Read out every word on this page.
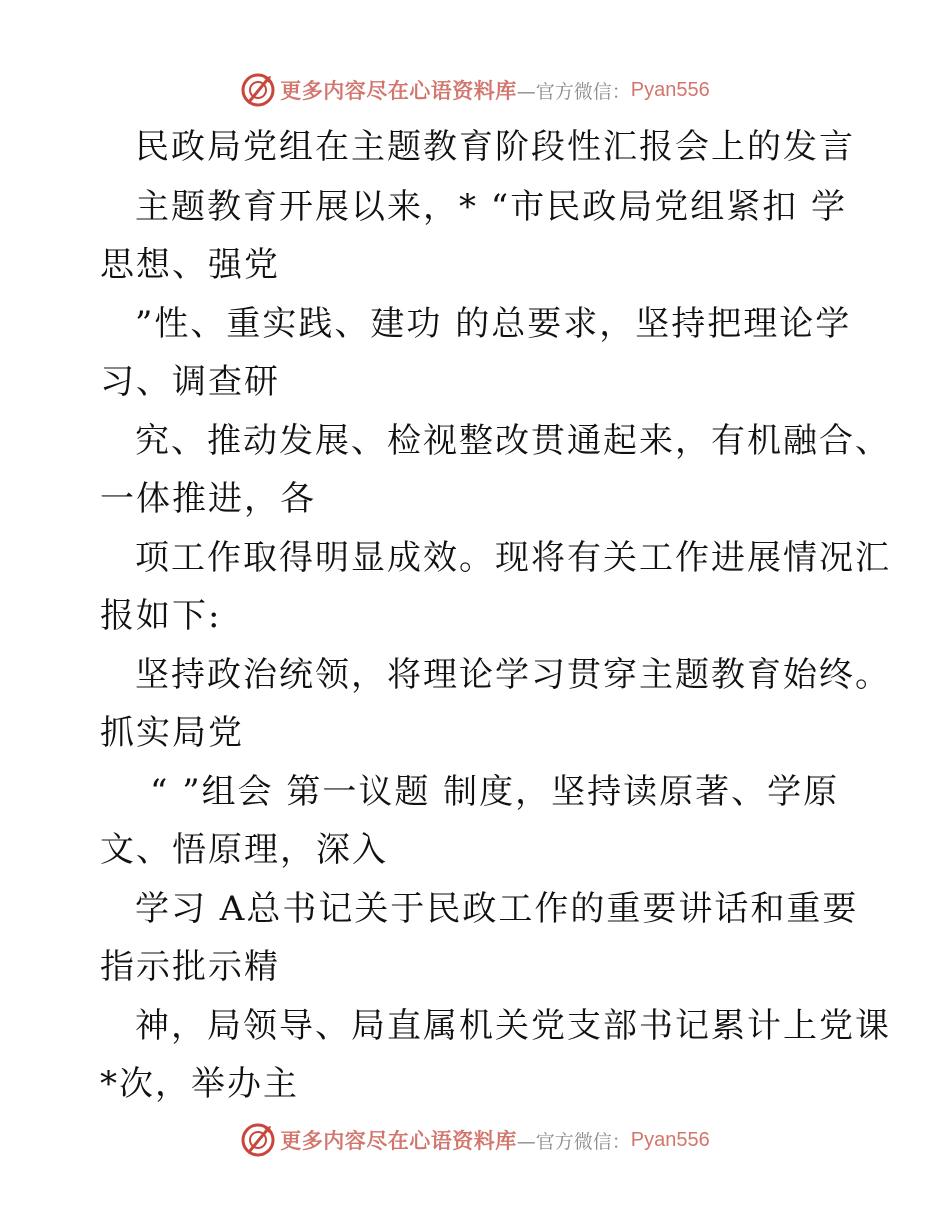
更多内容尽在心语资料库 —官方微信： Pyan556
民政局党组在主题教育阶段性汇报会上的发言
主题教育开展以来，* “市民政局党组紧扣 学
思想、强党
”性、重实践、建功 的总要求，坚持把理论学
习、调查研
究、推动发展、检视整改贯通起来，有机融合、
一体推进，各
项工作取得明显成效。现将有关工作进展情况汇
报如下:
坚持政治统领，将理论学习贯穿主题教育始终。
抓实局党
“ ”组会 第一议题 制度，坚持读原著、学原
文、悟原理，深入
学习 A总书记关于民政工作的重要讲话和重要
指示批示精
神，局领导、局直属机关党支部书记累计上党课
*次，举办主
更多内容尽在心语资料库 —官方微信： Pyan556
